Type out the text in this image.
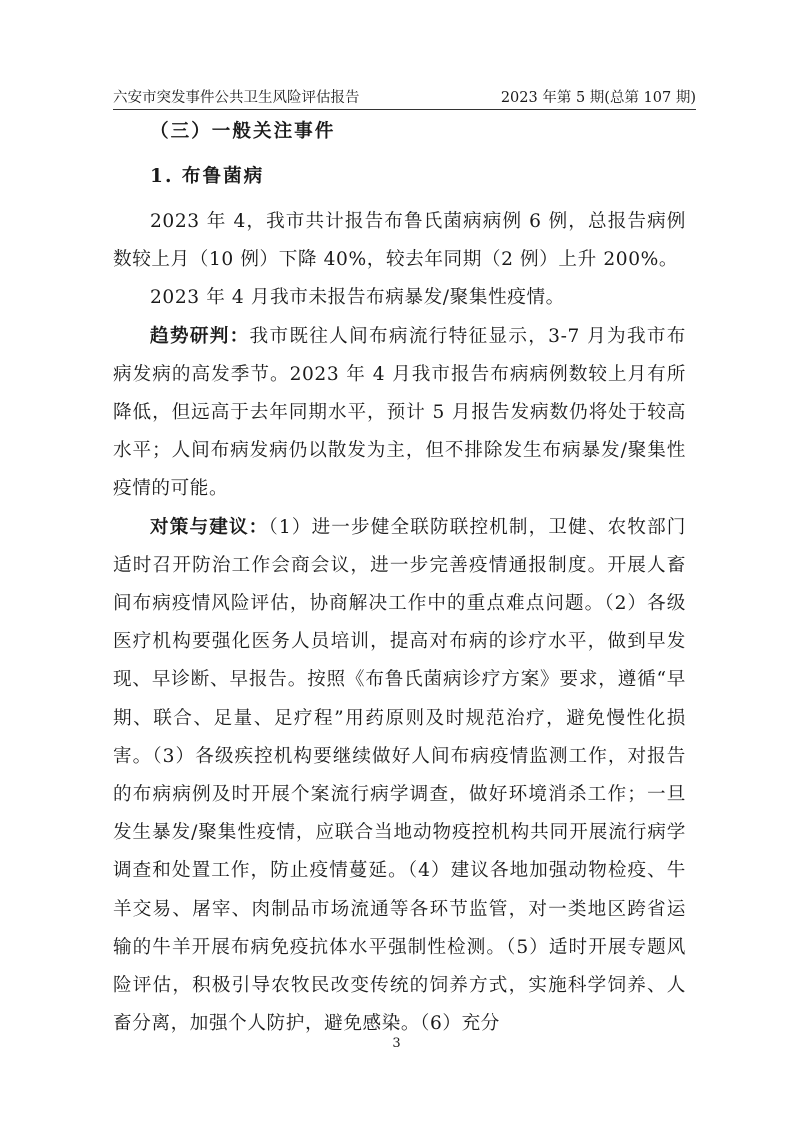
六安市突发事件公共卫生风险评估报告	2023 年第 5 期(总第 107 期)
（三）一般关注事件
1. 布鲁菌病

2023 年 4，我市共计报告布鲁氏菌病病例 6 例，总报告病例数较上月（10 例）下降 40%，较去年同期（2 例）上升 200%。

2023 年 4 月我市未报告布病暴发/聚集性疫情。

趋势研判：我市既往人间布病流行特征显示，3-7 月为我市布病发病的高发季节。2023 年 4 月我市报告布病病例数较上月有所降低，但远高于去年同期水平，预计 5 月报告发病数仍将处于较高水平；人间布病发病仍以散发为主，但不排除发生布病暴发/聚集性疫情的可能。

对策与建议：（1）进一步健全联防联控机制，卫健、农牧部门适时召开防治工作会商会议，进一步完善疫情通报制度。开展人畜间布病疫情风险评估，协商解决工作中的重点难点问题。（2）各级医疗机构要强化医务人员培训，提高对布病的诊疗水平，做到早发现、早诊断、早报告。按照《布鲁氏菌病诊疗方案》要求，遵循“早期、联合、足量、足疗程”用药原则及时规范治疗，避免慢性化损害。（3）各级疾控机构要继续做好人间布病疫情监测工作，对报告的布病病例及时开展个案流行病学调查，做好环境消杀工作；一旦发生暴发/聚集性疫情，应联合当地动物疫控机构共同开展流行病学调查和处置工作，防止疫情蔓延。（4）建议各地加强动物检疫、牛羊交易、屠宰、肉制品市场流通等各环节监管，对一类地区跨省运输的牛羊开展布病免疫抗体水平强制性检测。（5）适时开展专题风险评估，积极引导农牧民改变传统的饲养方式，实施科学饲养、人畜分离，加强个人防护，避免感染。（6）充分

3
